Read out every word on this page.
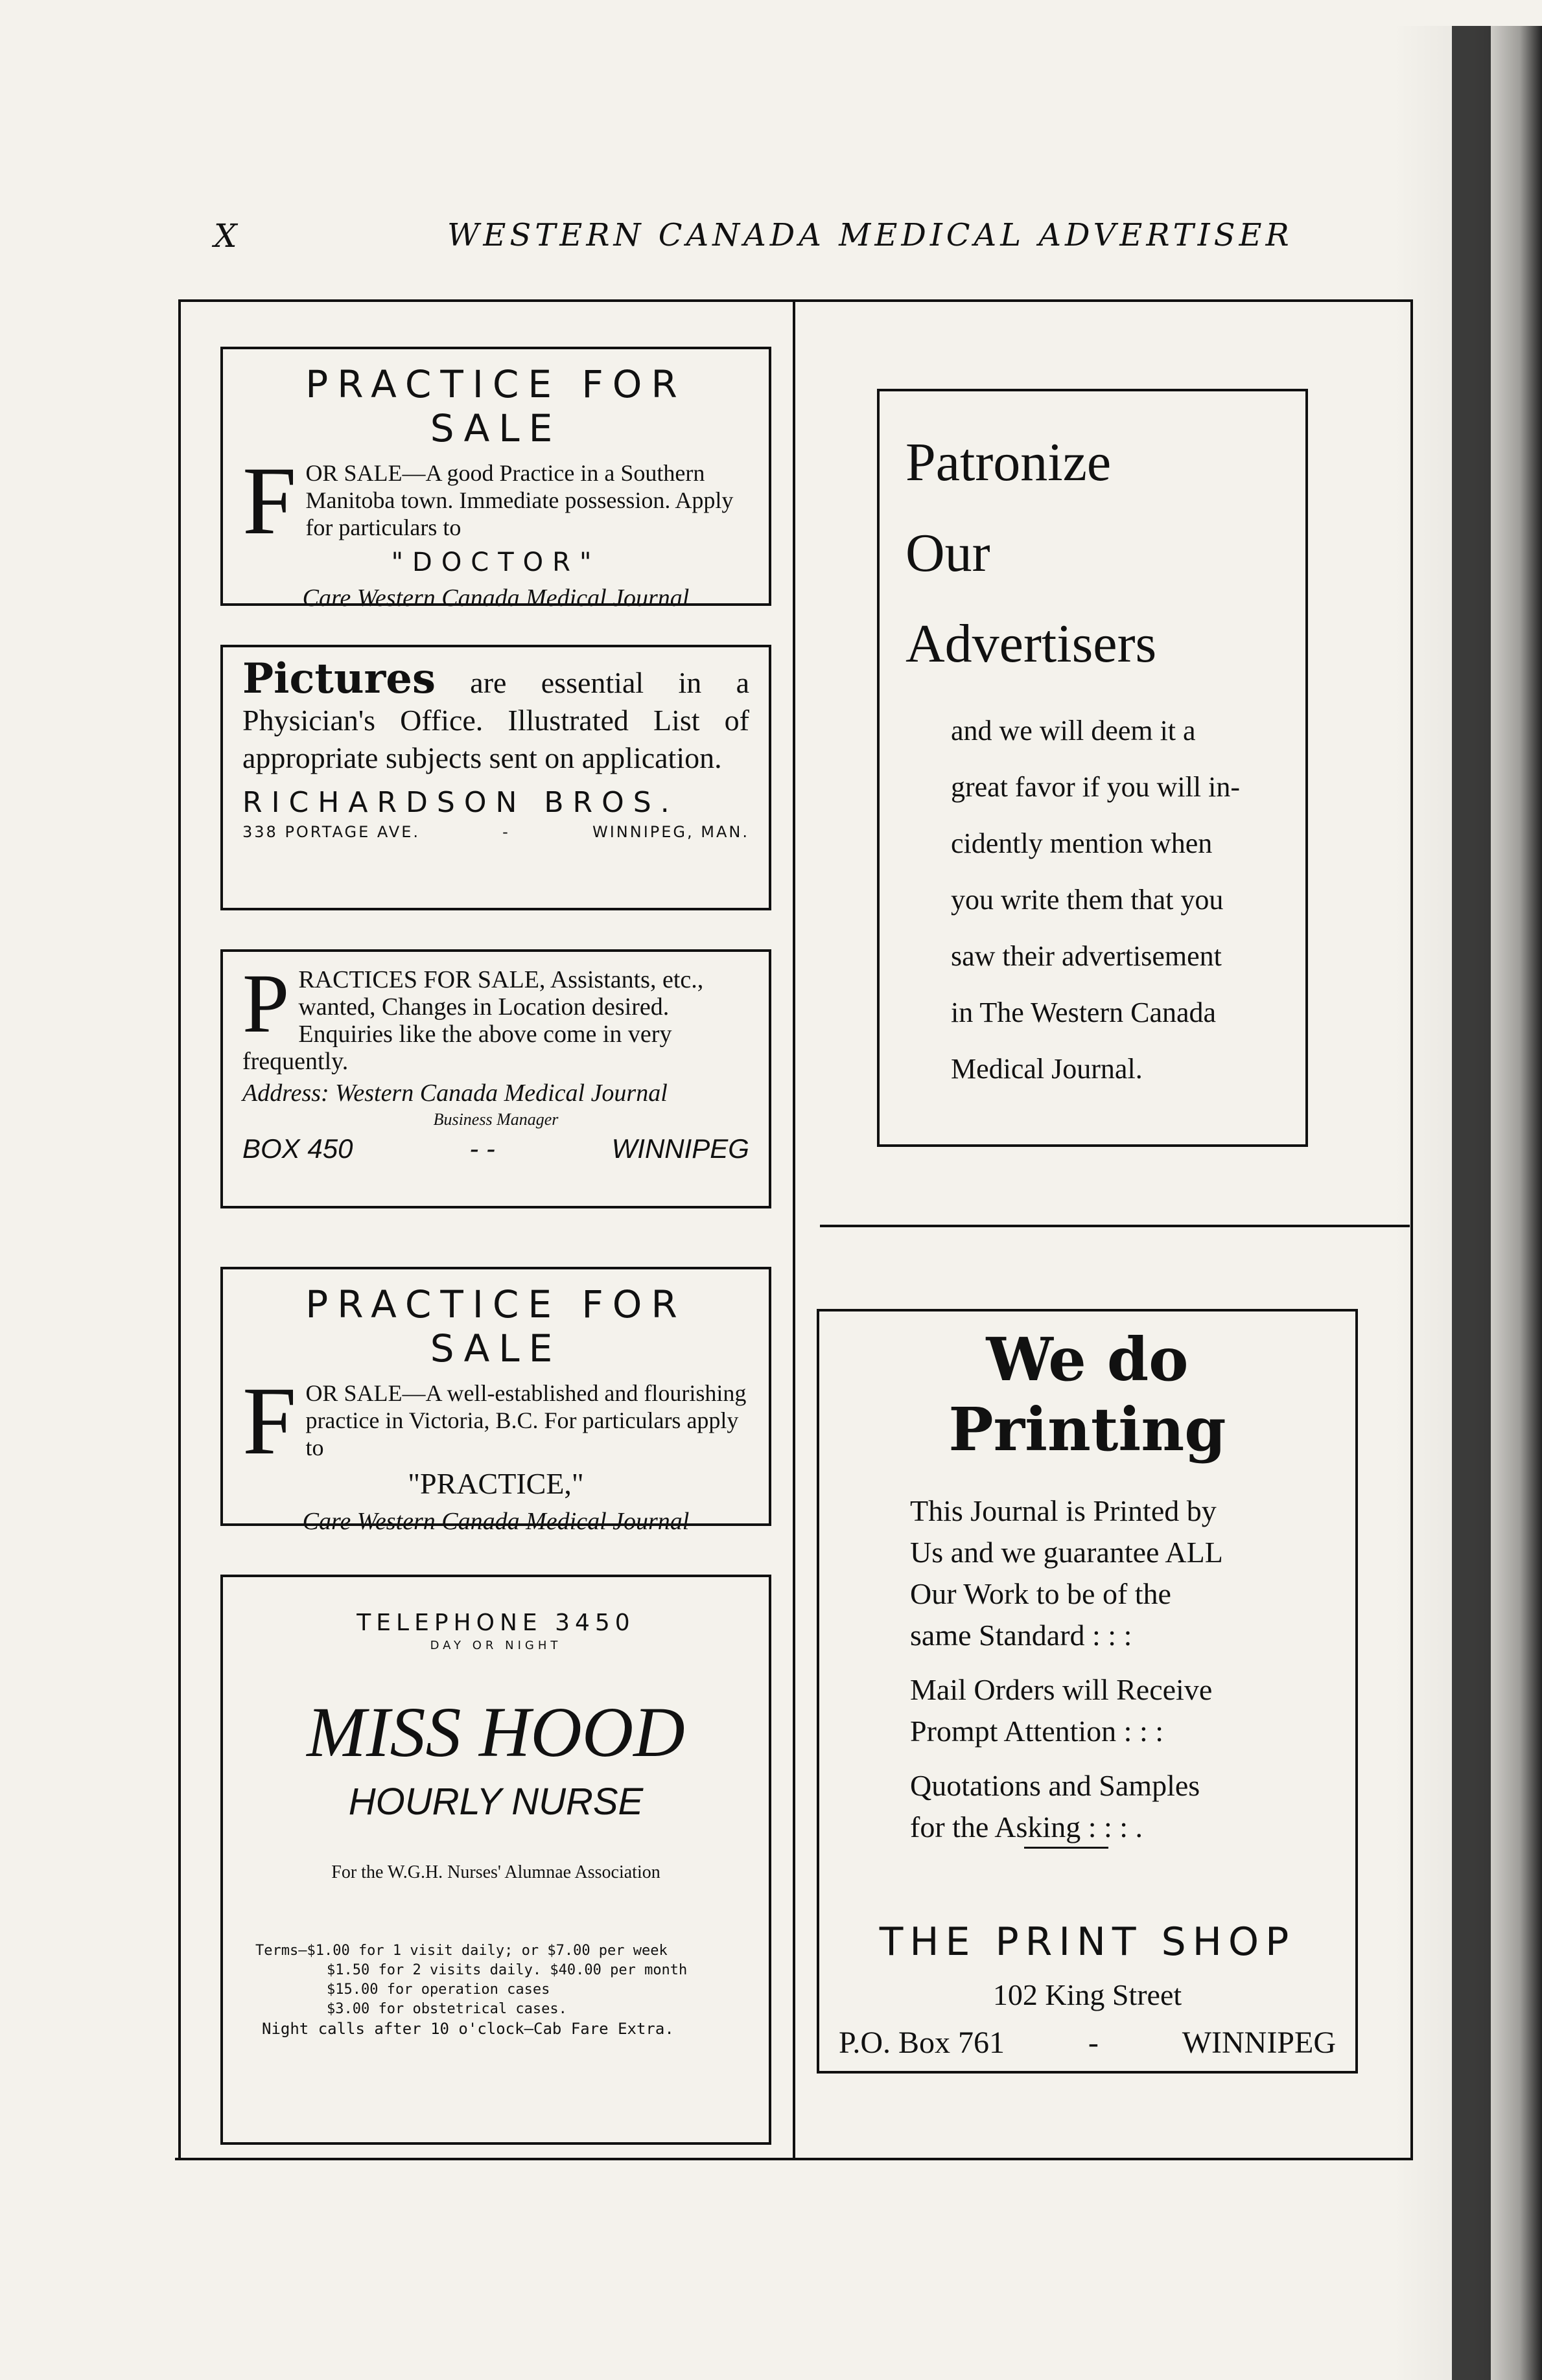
X	WESTERN CANADA MEDICAL ADVERTISER
PRACTICE FOR SALE
F OR SALE—A good Practice in a Southern Manitoba town. Immediate possession. Apply for particulars to
"DOCTOR"
Care Western Canada Medical Journal
Pictures are essential in a Physician's Office. Illustrated List of appropriate subjects sent on application.
RICHARDSON BROS.
338 PORTAGE AVE.	-	WINNIPEG, MAN.
P RACTICES FOR SALE, Assistants, etc., wanted, Changes in Location desired. Enquiries like the above come in very frequently.
Address: Western Canada Medical Journal
Business Manager
BOX 450	- -	WINNIPEG
PRACTICE FOR SALE
F OR SALE—A well-established and flourishing practice in Victoria, B.C. For particulars apply to
"PRACTICE,"
Care Western Canada Medical Journal
TELEPHONE 3450
DAY OR NIGHT
MISS HOOD
HOURLY NURSE
For the W.G.H. Nurses' Alumnae Association
Terms—$1.00 for 1 visit daily; or $7.00 per week
$1.50 for 2 visits daily. $40.00 per month
$15.00 for operation cases
$3.00 for obstetrical cases.
Night calls after 10 o'clock—Cab Fare Extra.
Patronize
Our
Advertisers
and we will deem it a
great favor if you will in-
cidently mention when
you write them that you
saw their advertisement
in The Western Canada
Medical Journal.
We do Printing
This Journal is Printed by
Us and we guarantee ALL
Our Work to be of the
same Standard : : :
Mail Orders will Receive
Prompt Attention : : :
Quotations and Samples
for the Asking : : : .
THE PRINT SHOP
102 King Street
P.O. Box 761	-	WINNIPEG
